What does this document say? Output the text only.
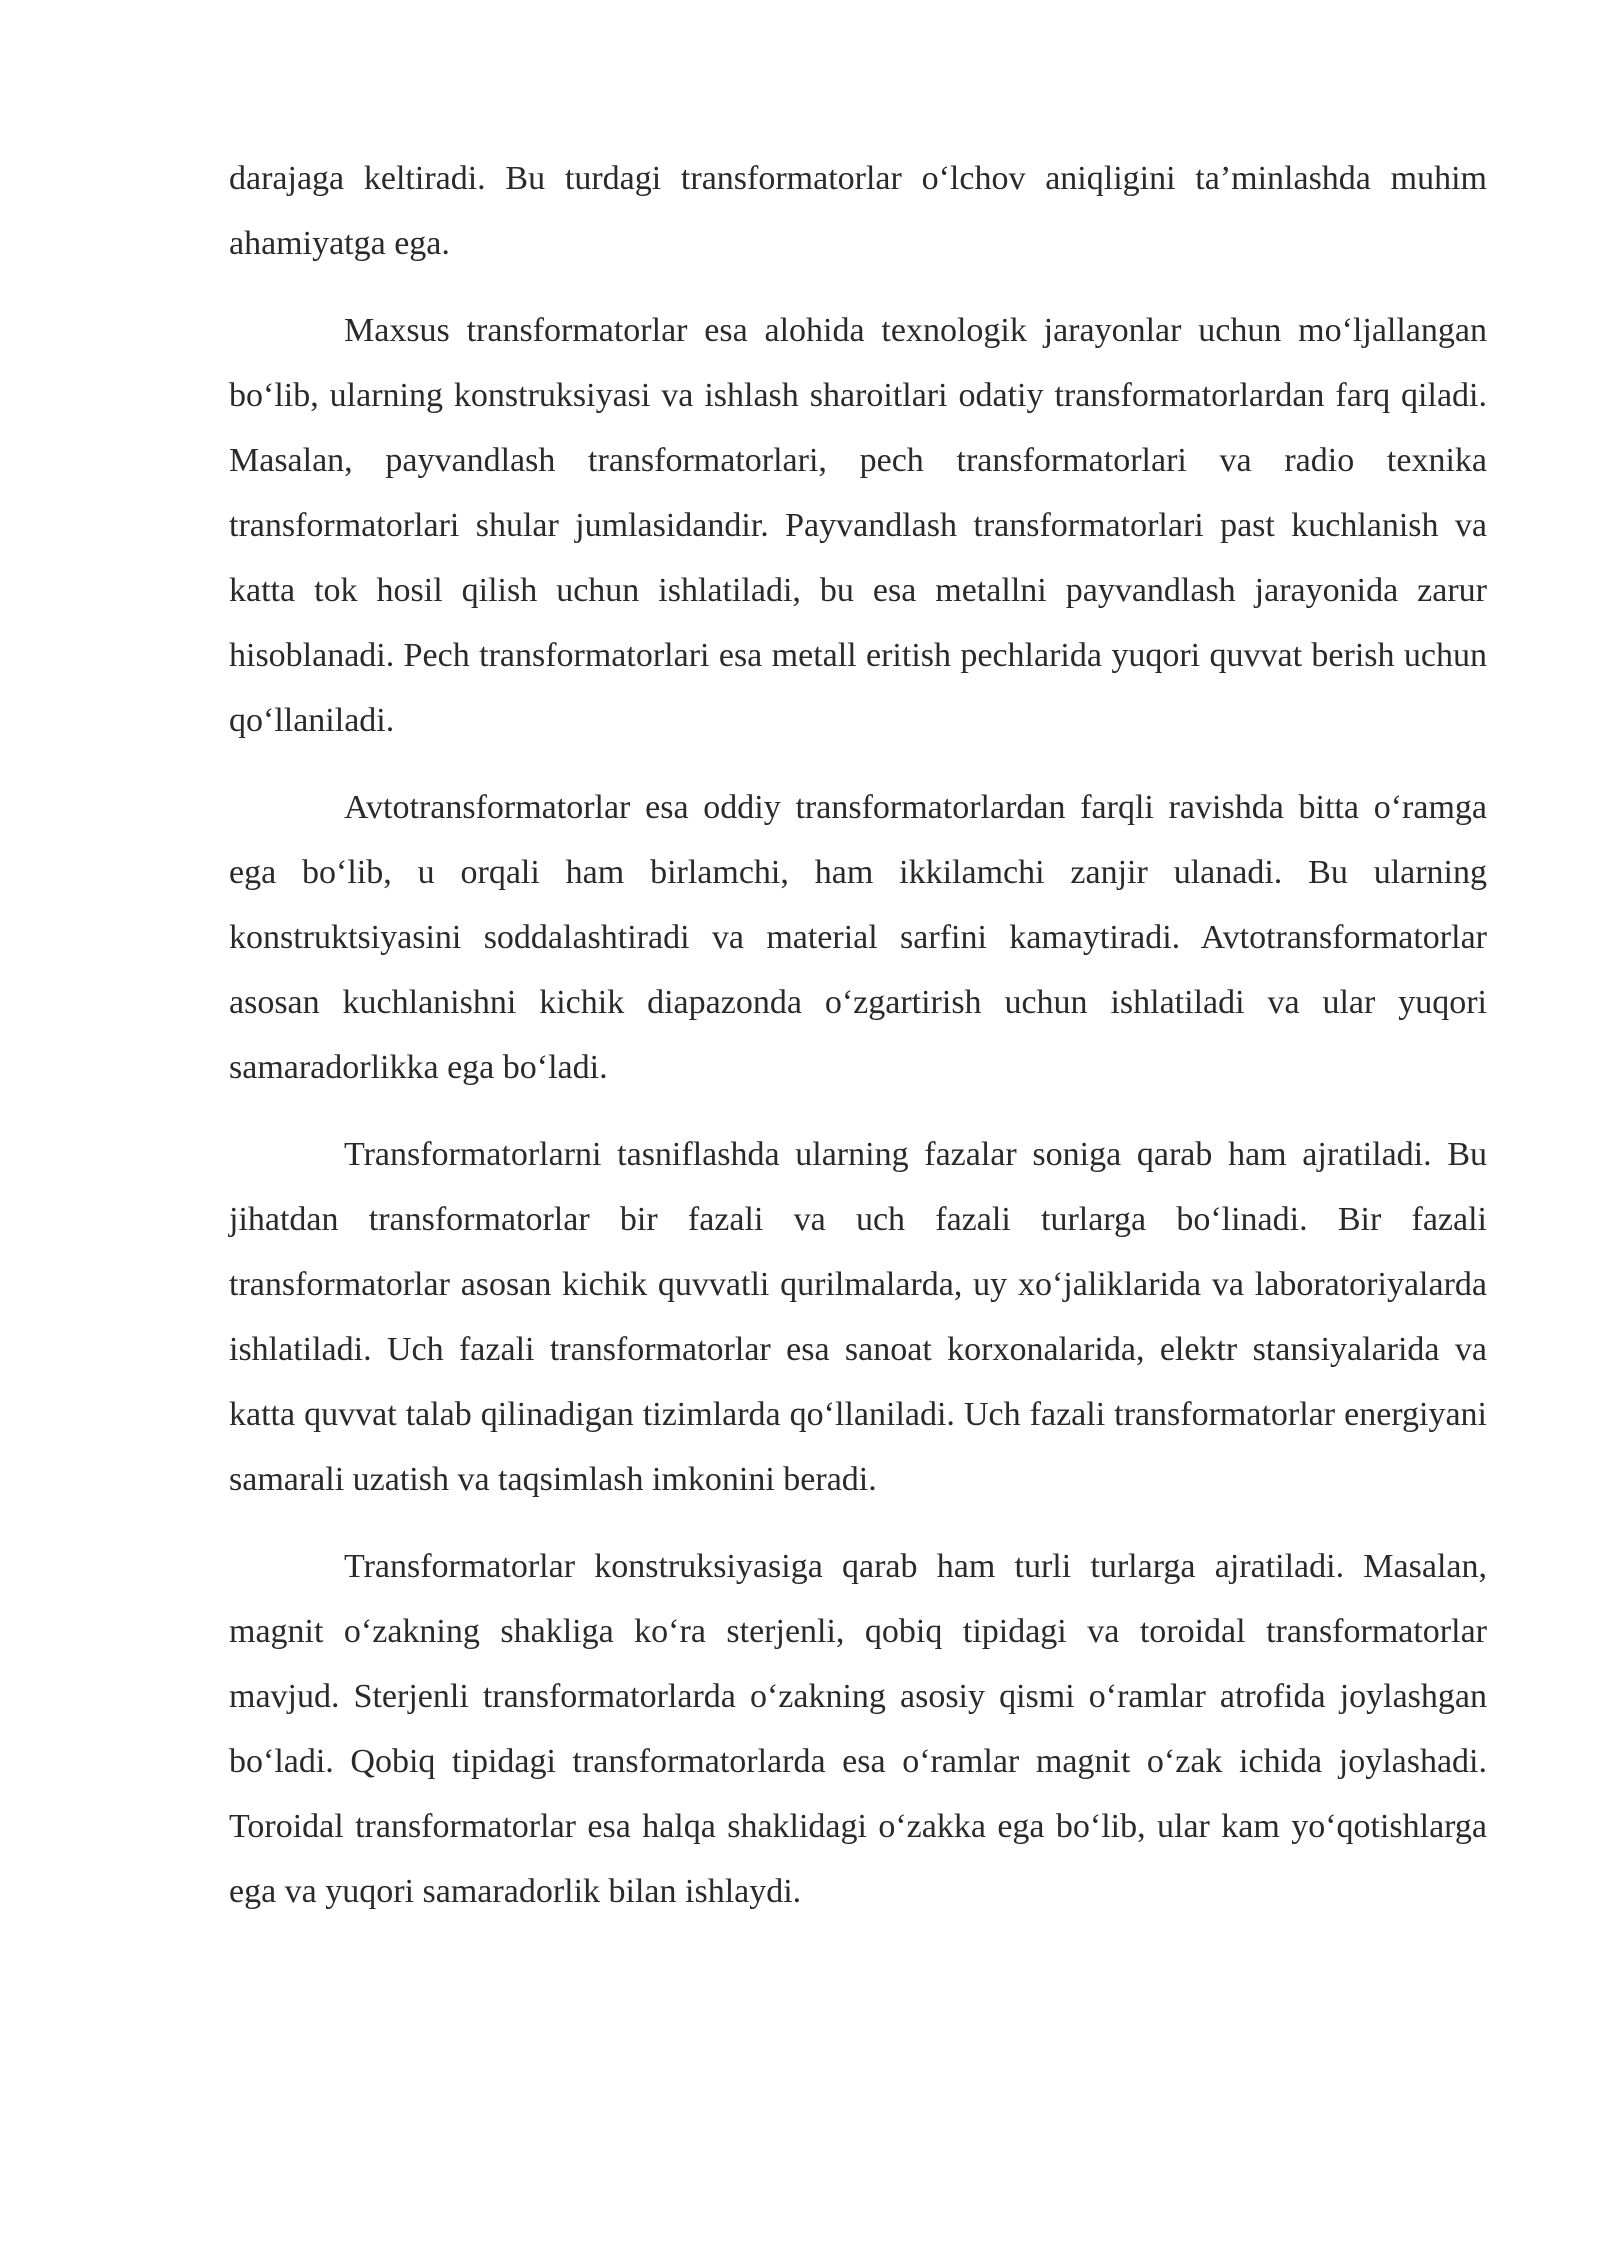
darajaga keltiradi. Bu turdagi transformatorlar o‘lchov aniqligini ta’minlashda muhim ahamiyatga ega.

Maxsus transformatorlar esa alohida texnologik jarayonlar uchun mo‘ljallangan bo‘lib, ularning konstruksiyasi va ishlash sharoitlari odatiy transformatorlardan farq qiladi. Masalan, payvandlash transformatorlari, pech transformatorlari va radio texnika transformatorlari shular jumlasidandir. Payvandlash transformatorlari past kuchlanish va katta tok hosil qilish uchun ishlatiladi, bu esa metallni payvandlash jarayonida zarur hisoblanadi. Pech transformatorlari esa metall eritish pechlarida yuqori quvvat berish uchun qo‘llaniladi.

Avtotransformatorlar esa oddiy transformatorlardan farqli ravishda bitta o‘ramga ega bo‘lib, u orqali ham birlamchi, ham ikkilamchi zanjir ulanadi. Bu ularning konstruktsiyasini soddalashtiradi va material sarfini kamaytiradi. Avtotransformatorlar asosan kuchlanishni kichik diapazonda o‘zgartirish uchun ishlatiladi va ular yuqori samaradorlikka ega bo‘ladi.

Transformatorlarni tasniflashda ularning fazalar soniga qarab ham ajratiladi. Bu jihatdan transformatorlar bir fazali va uch fazali turlarga bo‘linadi. Bir fazali transformatorlar asosan kichik quvvatli qurilmalarda, uy xo‘jaliklarida va laboratoriyalarda ishlatiladi. Uch fazali transformatorlar esa sanoat korxonalarida, elektr stansiyalarida va katta quvvat talab qilinadigan tizimlarda qo‘llaniladi. Uch fazali transformatorlar energiyani samarali uzatish va taqsimlash imkonini beradi.

Transformatorlar konstruksiyasiga qarab ham turli turlarga ajratiladi. Masalan, magnit o‘zakning shakliga ko‘ra sterjenli, qobiq tipidagi va toroidal transformatorlar mavjud. Sterjenli transformatorlarda o‘zakning asosiy qismi o‘ramlar atrofida joylashgan bo‘ladi. Qobiq tipidagi transformatorlarda esa o‘ramlar magnit o‘zak ichida joylashadi. Toroidal transformatorlar esa halqa shaklidagi o‘zakka ega bo‘lib, ular kam yo‘qotishlarga ega va yuqori samaradorlik bilan ishlaydi.
